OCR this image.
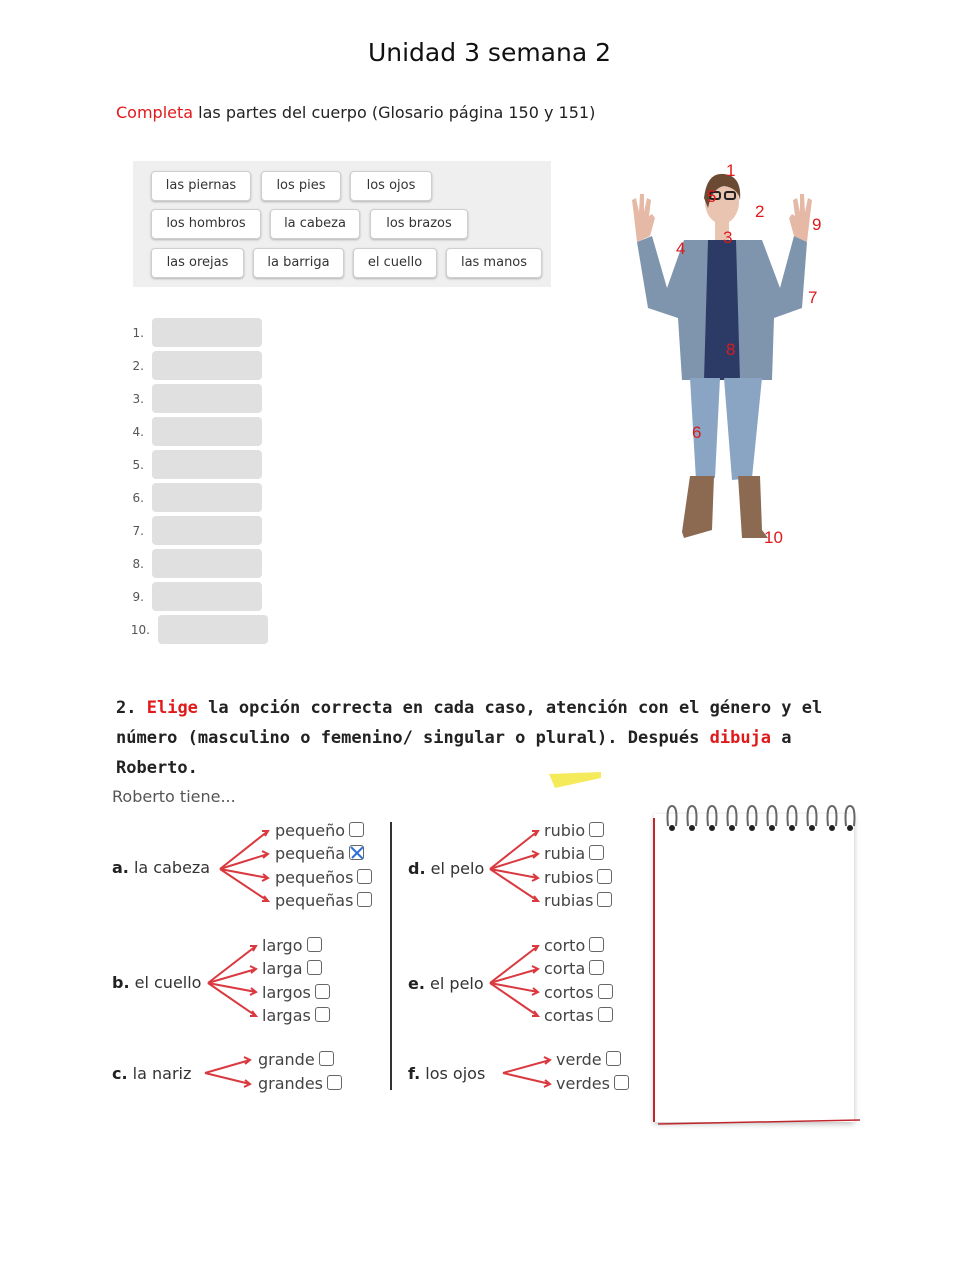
Unidad 3 semana 2
Completa las partes del cuerpo (Glosario página 150 y 151)
las piernas	los pies	los ojos
los hombros	la cabeza	los brazos
las orejas	la barriga	el cuello	las manos
1.
2.
3.
4.
5.
6.
7.
8.
9.
10.
1
2
3
4
5
6
7
8
9
10
2. Elige la opción correcta en cada caso, atención con el género y el número (masculino o femenino/ singular o plural). Después dibuja a Roberto.
Roberto tiene...
a. la cabeza
pequeño
pequeña
pequeños
pequeñas
b. el cuello
largo
larga
largos
largas
c. la nariz
grande
grandes
d. el pelo
rubio
rubia
rubios
rubias
e. el pelo
corto
corta
cortos
cortas
f. los ojos
verde
verdes
